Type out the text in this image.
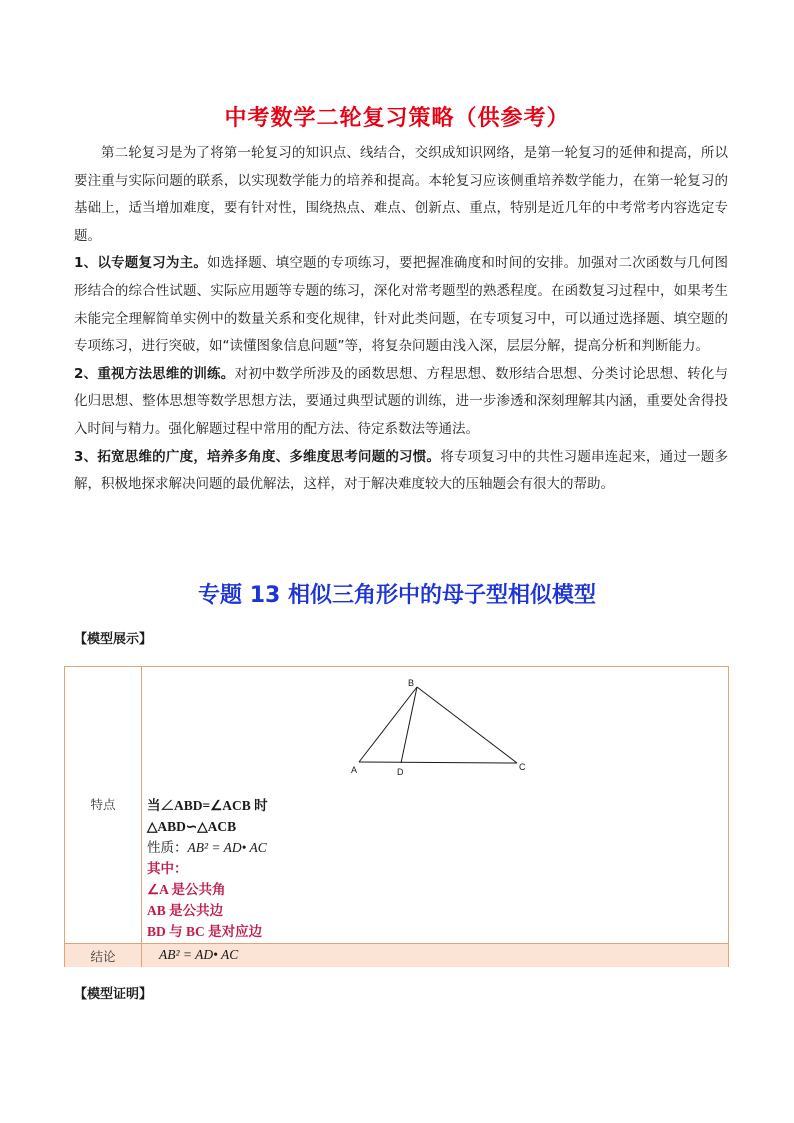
中考数学二轮复习策略（供参考）

第二轮复习是为了将第一轮复习的知识点、线结合，交织成知识网络，是第一轮复习的延伸和提高，所以要注重与实际问题的联系，以实现数学能力的培养和提高。本轮复习应该侧重培养数学能力，在第一轮复习的基础上，适当增加难度，要有针对性，围绕热点、难点、创新点、重点，特别是近几年的中考常考内容选定专题。

1、以专题复习为主。如选择题、填空题的专项练习，要把握准确度和时间的安排。加强对二次函数与几何图形结合的综合性试题、实际应用题等专题的练习，深化对常考题型的熟悉程度。在函数复习过程中，如果考生未能完全理解简单实例中的数量关系和变化规律，针对此类问题，在专项复习中，可以通过选择题、填空题的专项练习，进行突破，如“读懂图象信息问题”等，将复杂问题由浅入深，层层分解，提高分析和判断能力。

2、重视方法思维的训练。对初中数学所涉及的函数思想、方程思想、数形结合思想、分类讨论思想、转化与化归思想、整体思想等数学思想方法，要通过典型试题的训练，进一步渗透和深刻理解其内涵，重要处舍得投入时间与精力。强化解题过程中常用的配方法、待定系数法等通法。

3、拓宽思维的广度，培养多角度、多维度思考问题的习惯。将专项复习中的共性习题串连起来，通过一题多解，积极地探求解决问题的最优解法，这样，对于解决难度较大的压轴题会有很大的帮助。

专题 13 相似三角形中的母子型相似模型
【模型展示】
特点
A
B
C
D
当∠ABD=∠ACB 时
△ABD∽△ACB
性质：AB² = AD• AC
其中：
∠A 是公共角
AB 是公共边
BD 与 BC 是对应边
结论	AB² = AD• AC
【模型证明】
